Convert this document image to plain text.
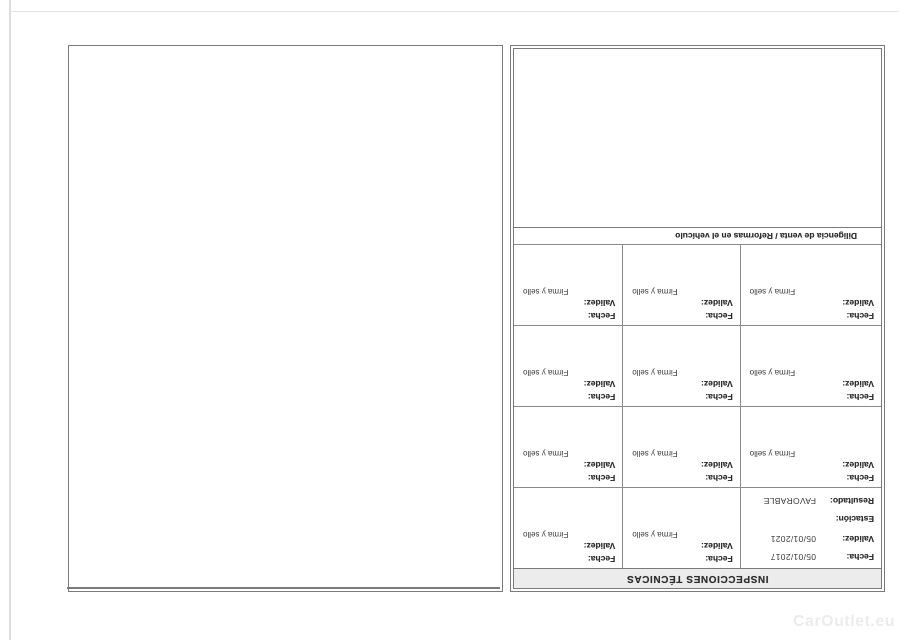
INSPECCIONES TÉCNICAS
Fecha:05/01/2017
Validez:05/01/2021
Estación:
Resultado:FAVORABLE
Fecha:
Validez:
Firma y sello
Fecha:
Validez:
Firma y sello
Fecha:
Validez:
Firma y sello
Fecha:
Validez:
Firma y sello
Fecha:
Validez:
Firma y sello
Fecha:
Validez:
Firma y sello
Fecha:
Validez:
Firma y sello
Fecha:
Validez:
Firma y sello
Fecha:
Validez:
Firma y sello
Fecha:
Validez:
Firma y sello
Fecha:
Validez:
Firma y sello
Diligencia de venta / Reformas en el vehículo
CarOutlet.eu
